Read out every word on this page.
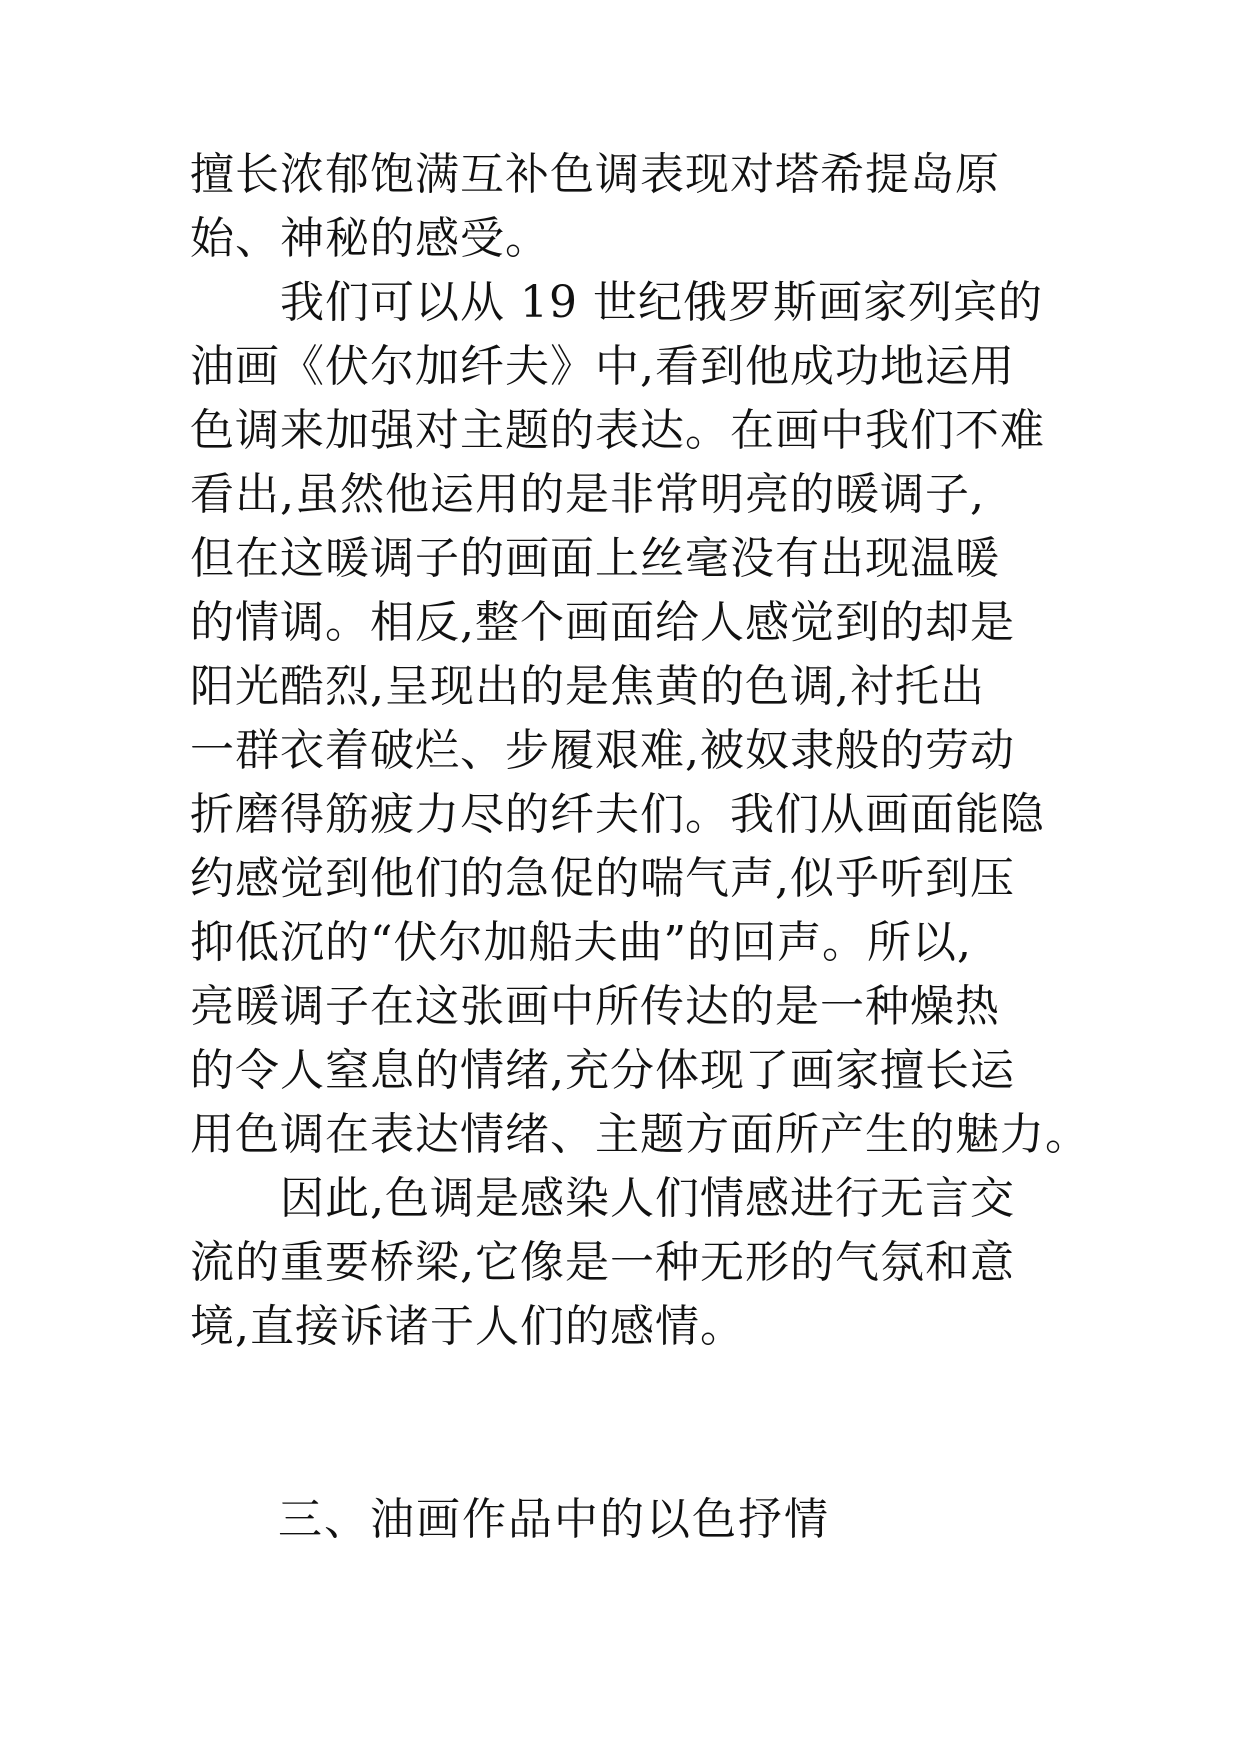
擅长浓郁饱满互补色调表现对塔希提岛原
始、神秘的感受。
　　我们可以从 19 世纪俄罗斯画家列宾的
油画《伏尔加纤夫》中,看到他成功地运用
色调来加强对主题的表达。在画中我们不难
看出,虽然他运用的是非常明亮的暖调子,
但在这暖调子的画面上丝毫没有出现温暖
的情调。相反,整个画面给人感觉到的却是
阳光酷烈,呈现出的是焦黄的色调,衬托出
一群衣着破烂、步履艰难,被奴隶般的劳动
折磨得筋疲力尽的纤夫们。我们从画面能隐
约感觉到他们的急促的喘气声,似乎听到压
抑低沉的“伏尔加船夫曲”的回声。所以,
亮暖调子在这张画中所传达的是一种燥热
的令人窒息的情绪,充分体现了画家擅长运
用色调在表达情绪、主题方面所产生的魅力。
　　因此,色调是感染人们情感进行无言交
流的重要桥梁,它像是一种无形的气氛和意
境,直接诉诸于人们的感情。
三、油画作品中的以色抒情
